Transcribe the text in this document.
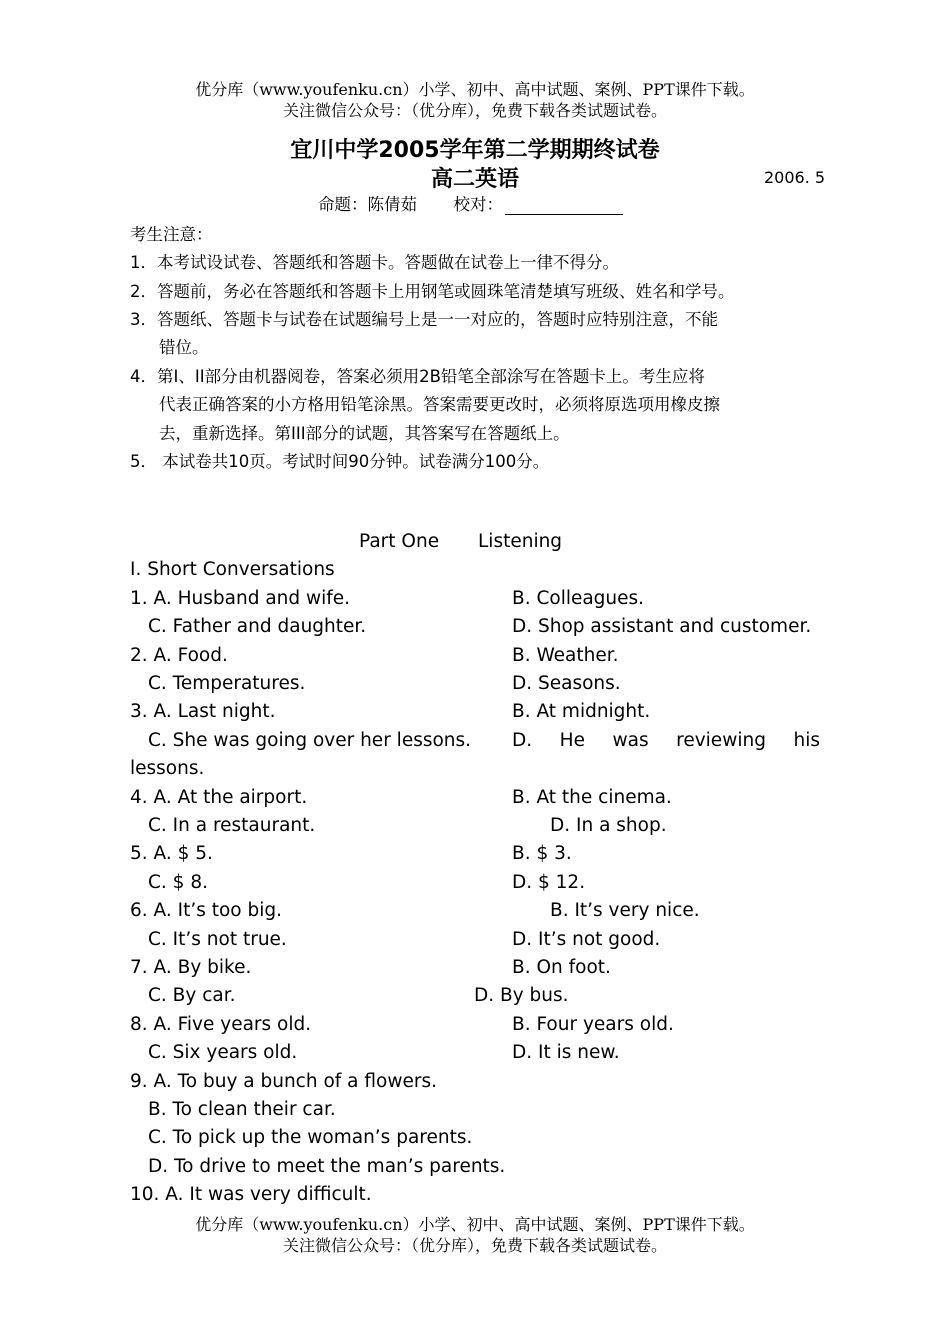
优分库（www.youfenku.cn）小学、初中、高中试题、案例、PPT课件下载。
关注微信公众号：（优分库），免费下载各类试题试卷。
宜川中学2005学年第二学期期终试卷
高二英语	2006. 5
命题：陈倩茹 校对：
考生注意：
1．本考试设试卷、答题纸和答题卡。答题做在试卷上一律不得分。
2．答题前，务必在答题纸和答题卡上用钢笔或圆珠笔清楚填写班级、姓名和学号。
3．答题纸、答题卡与试卷在试题编号上是一一对应的，答题时应特别注意，不能
错位。
4．第I、II部分由机器阅卷，答案必须用2B铅笔全部涂写在答题卡上。考生应将
代表正确答案的小方格用铅笔涂黑。答案需要更改时，必须将原选项用橡皮擦
去，重新选择。第III部分的试题，其答案写在答题纸上。
5． 本试卷共10页。考试时间90分钟。试卷满分100分。
Part One Listening
I. Short Conversations
1. A. Husband and wife.	B. Colleagues.
C. Father and daughter.	D. Shop assistant and customer.
2. A. Food.	B. Weather.
C. Temperatures.	D. Seasons.
3. A. Last night.	B. At midnight.
C. She was going over her lessons. D. He was reviewing his
lessons.
4. A. At the airport.	B. At the cinema.
C. In a restaurant.	D. In a shop.
5. A. $ 5.	B. $ 3.
C. $ 8.	D. $ 12.
6. A. It’s too big.	B. It’s very nice.
C. It’s not true.	D. It’s not good.
7. A. By bike.	B. On foot.
C. By car.	D. By bus.
8. A. Five years old.	B. Four years old.
C. Six years old.	D. It is new.
9. A. To buy a bunch of a flowers.
B. To clean their car.
C. To pick up the woman’s parents.
D. To drive to meet the man’s parents.
10. A. It was very difficult.
优分库（www.youfenku.cn）小学、初中、高中试题、案例、PPT课件下载。
关注微信公众号：（优分库），免费下载各类试题试卷。
